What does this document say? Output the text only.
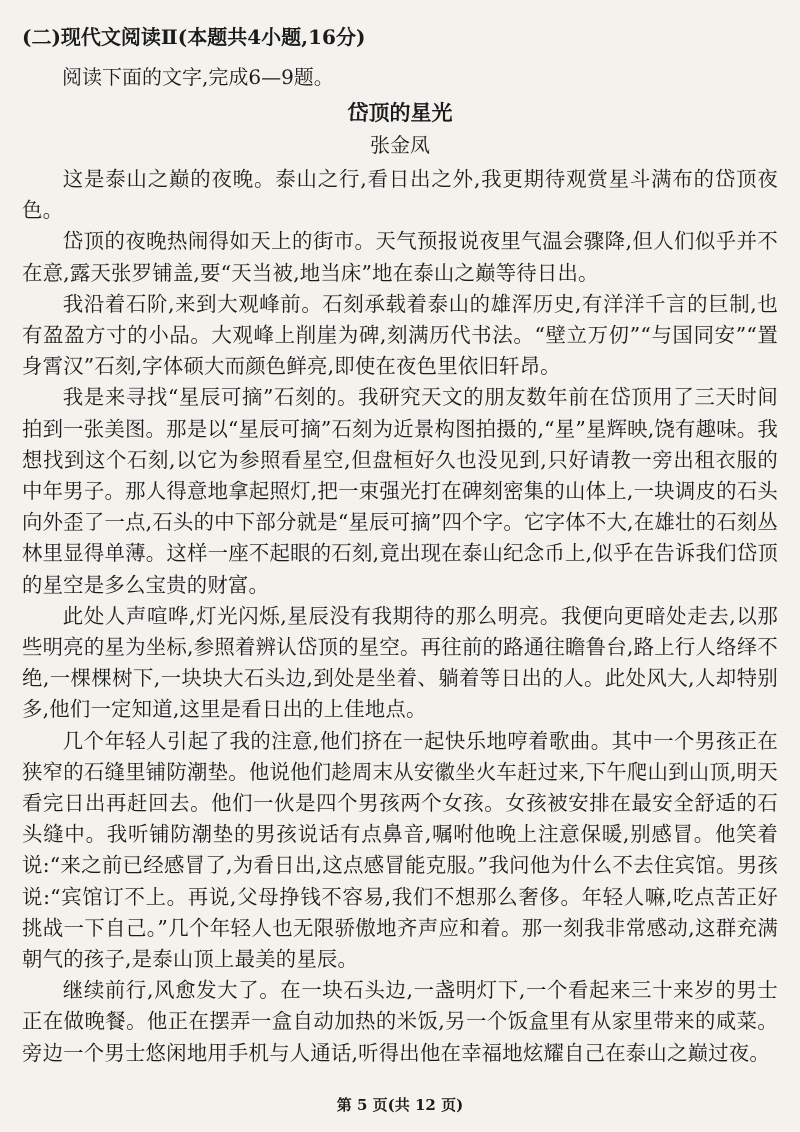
(二)现代文阅读Ⅱ(本题共4小题,16分)
阅读下面的文字,完成6—9题。
岱顶的星光
张金凤

这是泰山之巅的夜晚。泰山之行,看日出之外,我更期待观赏星斗满布的岱顶夜色。

岱顶的夜晚热闹得如天上的街市。天气预报说夜里气温会骤降,但人们似乎并不在意,露天张罗铺盖,要“天当被,地当床”地在泰山之巅等待日出。

我沿着石阶,来到大观峰前。石刻承载着泰山的雄浑历史,有洋洋千言的巨制,也有盈盈方寸的小品。大观峰上削崖为碑,刻满历代书法。“壁立万仞”“与国同安”“置身霄汉”石刻,字体硕大而颜色鲜亮,即使在夜色里依旧轩昂。

我是来寻找“星辰可摘”石刻的。我研究天文的朋友数年前在岱顶用了三天时间拍到一张美图。那是以“星辰可摘”石刻为近景构图拍摄的,“星”星辉映,饶有趣味。我想找到这个石刻,以它为参照看星空,但盘桓好久也没见到,只好请教一旁出租衣服的中年男子。那人得意地拿起照灯,把一束强光打在碑刻密集的山体上,一块调皮的石头向外歪了一点,石头的中下部分就是“星辰可摘”四个字。它字体不大,在雄壮的石刻丛林里显得单薄。这样一座不起眼的石刻,竟出现在泰山纪念币上,似乎在告诉我们岱顶的星空是多么宝贵的财富。

此处人声喧哗,灯光闪烁,星辰没有我期待的那么明亮。我便向更暗处走去,以那些明亮的星为坐标,参照着辨认岱顶的星空。再往前的路通往瞻鲁台,路上行人络绎不绝,一棵棵树下,一块块大石头边,到处是坐着、躺着等日出的人。此处风大,人却特别多,他们一定知道,这里是看日出的上佳地点。

几个年轻人引起了我的注意,他们挤在一起快乐地哼着歌曲。其中一个男孩正在狭窄的石缝里铺防潮垫。他说他们趁周末从安徽坐火车赶过来,下午爬山到山顶,明天看完日出再赶回去。他们一伙是四个男孩两个女孩。女孩被安排在最安全舒适的石头缝中。我听铺防潮垫的男孩说话有点鼻音,嘱咐他晚上注意保暖,别感冒。他笑着说:“来之前已经感冒了,为看日出,这点感冒能克服。”我问他为什么不去住宾馆。男孩说:“宾馆订不上。再说,父母挣钱不容易,我们不想那么奢侈。年轻人嘛,吃点苦正好挑战一下自己。”几个年轻人也无限骄傲地齐声应和着。那一刻我非常感动,这群充满朝气的孩子,是泰山顶上最美的星辰。

继续前行,风愈发大了。在一块石头边,一盏明灯下,一个看起来三十来岁的男士正在做晚餐。他正在摆弄一盒自动加热的米饭,另一个饭盒里有从家里带来的咸菜。旁边一个男士悠闲地用手机与人通话,听得出他在幸福地炫耀自己在泰山之巅过夜。

第 5 页(共 12 页)
